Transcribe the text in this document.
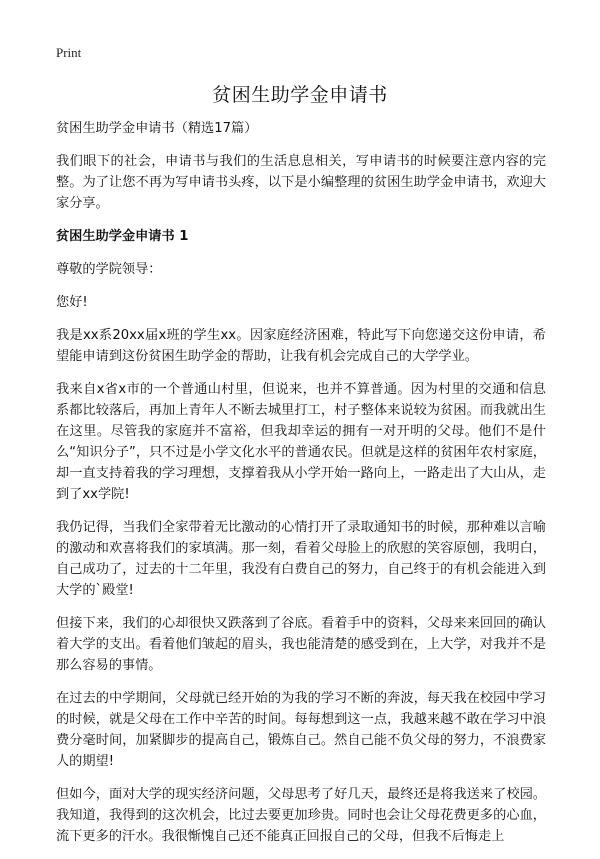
Print
贫困生助学金申请书

贫困生助学金申请书（精选17篇）

我们眼下的社会，申请书与我们的生活息息相关，写申请书的时候要注意内容的完整。为了让您不再为写申请书头疼，以下是小编整理的贫困生助学金申请书，欢迎大家分享。

贫困生助学金申请书 1

尊敬的学院领导：

您好!

我是xx系20xx届x班的学生xx。因家庭经济困难，特此写下向您递交这份申请，希望能申请到这份贫困生助学金的帮助，让我有机会完成自己的大学学业。

我来自x省x市的一个普通山村里，但说来，也并不算普通。因为村里的交通和信息系都比较落后，再加上青年人不断去城里打工，村子整体来说较为贫困。而我就出生在这里。尽管我的家庭并不富裕，但我却幸运的拥有一对开明的父母。他们不是什么“知识分子”，只不过是小学文化水平的普通农民。但就是这样的贫困年农村家庭，却一直支持着我的学习理想，支撑着我从小学开始一路向上，一路走出了大山从，走到了xx学院!

我仍记得，当我们全家带着无比激动的心情打开了录取通知书的时候，那种难以言喻的激动和欢喜将我们的家填满。那一刻，看着父母脸上的欣慰的笑容原刨，我明白，自己成功了，过去的十二年里，我没有白费自己的努力，自己终于的有机会能进入到大学的`殿堂!

但接下来，我们的心却很快又跌落到了谷底。看着手中的资料，父母来来回回的确认着大学的支出。看着他们皱起的眉头，我也能清楚的感受到在，上大学，对我并不是那么容易的事情。

在过去的中学期间，父母就已经开始的为我的学习不断的奔波，每天我在校园中学习的时候，就是父母在工作中辛苦的时间。每每想到这一点，我越来越不敢在学习中浪费分毫时间，加紧脚步的提高自己，锻炼自己。然自己能不负父母的努力，不浪费家人的期望!

但如今，面对大学的现实经济问题，父母思考了好几天，最终还是将我送来了校园。我知道，我得到的这次机会，比过去要更加珍贵。同时也会让父母花费更多的心血，流下更多的汗水。我很惭愧自己还不能真正回报自己的父母，但我不后悔走上
